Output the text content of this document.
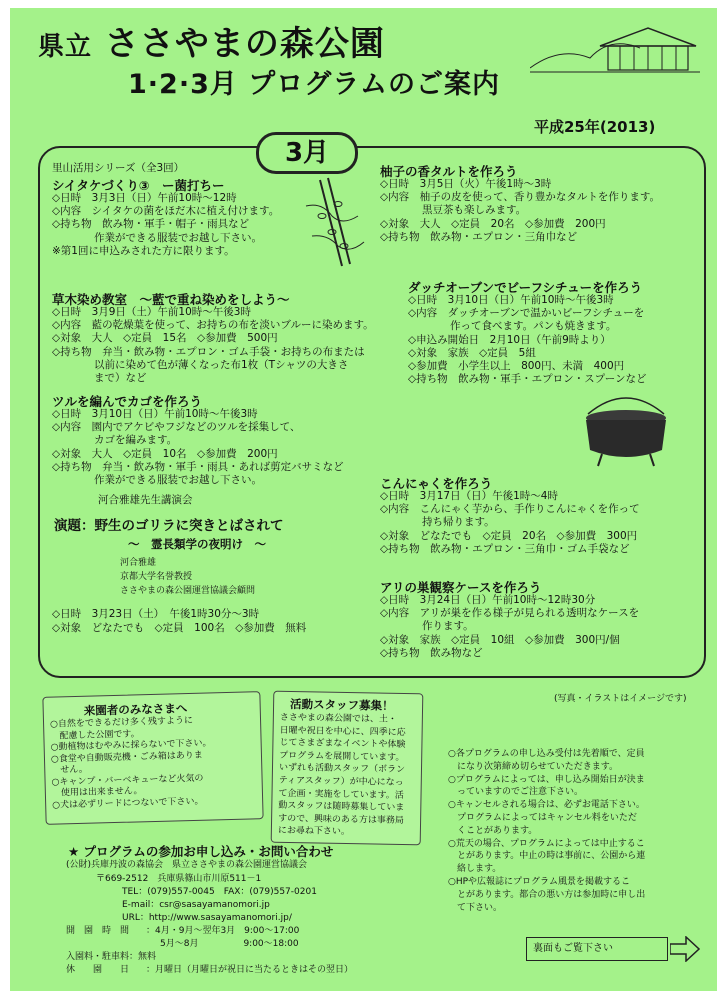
県立 ささやまの森公園
1·2·3月 プログラムのご案内
平成25年(2013)
3月
里山活用シリーズ（全3回）
シイタケづくり③　ー菌打ちー
◇日時　3月3日（日）午前10時～12時
◇内容　シイタケの菌をほだ木に植え付けます。
◇持ち物　飲み物・軍手・帽子・雨具など
　　　　作業ができる服装でお越し下さい。
※第1回に申込みされた方に限ります。
草木染め教室　～藍で重ね染めをしよう～
◇日時　3月9日（土）午前10時～午後3時
◇内容　藍の乾燥葉を使って、お持ちの布を淡いブルーに染めます。
◇対象　大人　◇定員　15名　◇参加費　500円
◇持ち物　弁当・飲み物・エプロン・ゴム手袋・お持ちの布または
　　　　以前に染めて色が薄くなった布1枚（Tシャツの大きさ
　　　　まで）など
ツルを編んでカゴを作ろう
◇日時　3月10日（日）午前10時～午後3時
◇内容　園内でアケビやフジなどのツルを採集して、
　　　　カゴを編みます。
◇対象　大人　◇定員　10名　◇参加費　200円
◇持ち物　弁当・飲み物・軍手・雨具・あれば剪定バサミなど
　　　　作業ができる服装でお越し下さい。
河合雅雄先生講演会
演題：野生のゴリラに突きとばされて
～　霊長類学の夜明け　～
河合雅雄
京都大学名誉教授
ささやまの森公園運営協議会顧問
◇日時　3月23日（土）　午後1時30分～3時
◇対象　どなたでも　◇定員　100名　◇参加費　無料
柚子の香タルトを作ろう
◇日時　3月5日（火）午後1時～3時
◇内容　柚子の皮を使って、香り豊かなタルトを作ります。
　　　　黒豆茶も楽しみます。
◇対象　大人　◇定員　20名　◇参加費　200円
◇持ち物　飲み物・エプロン・三角巾など
ダッチオーブンでビーフシチューを作ろう
◇日時　3月10日（日）午前10時～午後3時
◇内容　ダッチオーブンで温かいビーフシチューを
　　　　作って食べます。パンも焼きます。
◇申込み開始日　2月10日（午前9時より）
◇対象　家族　◇定員　5組
◇参加費　小学生以上　800円、未満　400円
◇持ち物　飲み物・軍手・エプロン・スプーンなど
こんにゃくを作ろう
◇日時　3月17日（日）午後1時～4時
◇内容　こんにゃく芋から、手作りこんにゃくを作って
　　　　持ち帰ります。
◇対象　どなたでも　◇定員　20名　◇参加費　300円
◇持ち物　飲み物・エプロン・三角巾・ゴム手袋など
アリの巣観察ケースを作ろう
◇日時　3月24日（日）午前10時～12時30分
◇内容　アリが巣を作る様子が見られる透明なケースを
　　　　作ります。
◇対象　家族　◇定員　10組　◇参加費　300円/個
◇持ち物　飲み物など
(写真・イラストはイメージです)
来園者のみなさまへ
○自然をできるだけ多く残すように
　配慮した公園です。
○動植物はむやみに採らないで下さい。
○食堂や自動販売機・ごみ箱はありま
　せん。
○キャンプ・バーベキューなど火気の
　使用は出来ません。
○犬は必ずリードにつないで下さい。
活動スタッフ募集！
ささやまの森公園では、土・
日曜や祝日を中心に、四季に応
じてさまざまなイベントや体験
プログラムを展開しています。
いずれも活動スタッフ（ボラン
ティアスタッフ）が中心になっ
て企画・実施をしています。活
動スタッフは随時募集していま
すので、興味のある方は事務局
にお尋ね下さい。
○各プログラムの申し込み受付は先着順で、定員
　になり次第締め切らせていただきます。
○プログラムによっては、申し込み開始日が決ま
　っていますのでご注意下さい。
○キャンセルされる場合は、必ずお電話下さい。
　プログラムによってはキャンセル料をいただ
　くことがあります。
○荒天の場合、プログラムによっては中止するこ
　とがあります。中止の時は事前に、公園から連
　絡します。
○HPや広報誌にプログラム風景を掲載するこ
　とがあります。都合の悪い方は参加時に申し出
　て下さい。
★ プログラムの参加お申し込み・お問い合わせ
(公財)兵庫丹波の森協会　県立ささやまの森公園運営協議会
〒669-2512　兵庫県篠山市川原511－1
TEL：(079)557-0045　FAX：(079)557-0201
E-mail：csr@sasayamanomori.jp
URL：http://www.sasayamanomori.jp/
開　園　時　間 ：4月・9月～翌年3月　9:00～17:00
5月～8月　　　　　9:00～18:00
入園料・駐車料：無料
休　　園　　日 ：月曜日（月曜日が祝日に当たるときはその翌日）
裏面もご覧下さい
